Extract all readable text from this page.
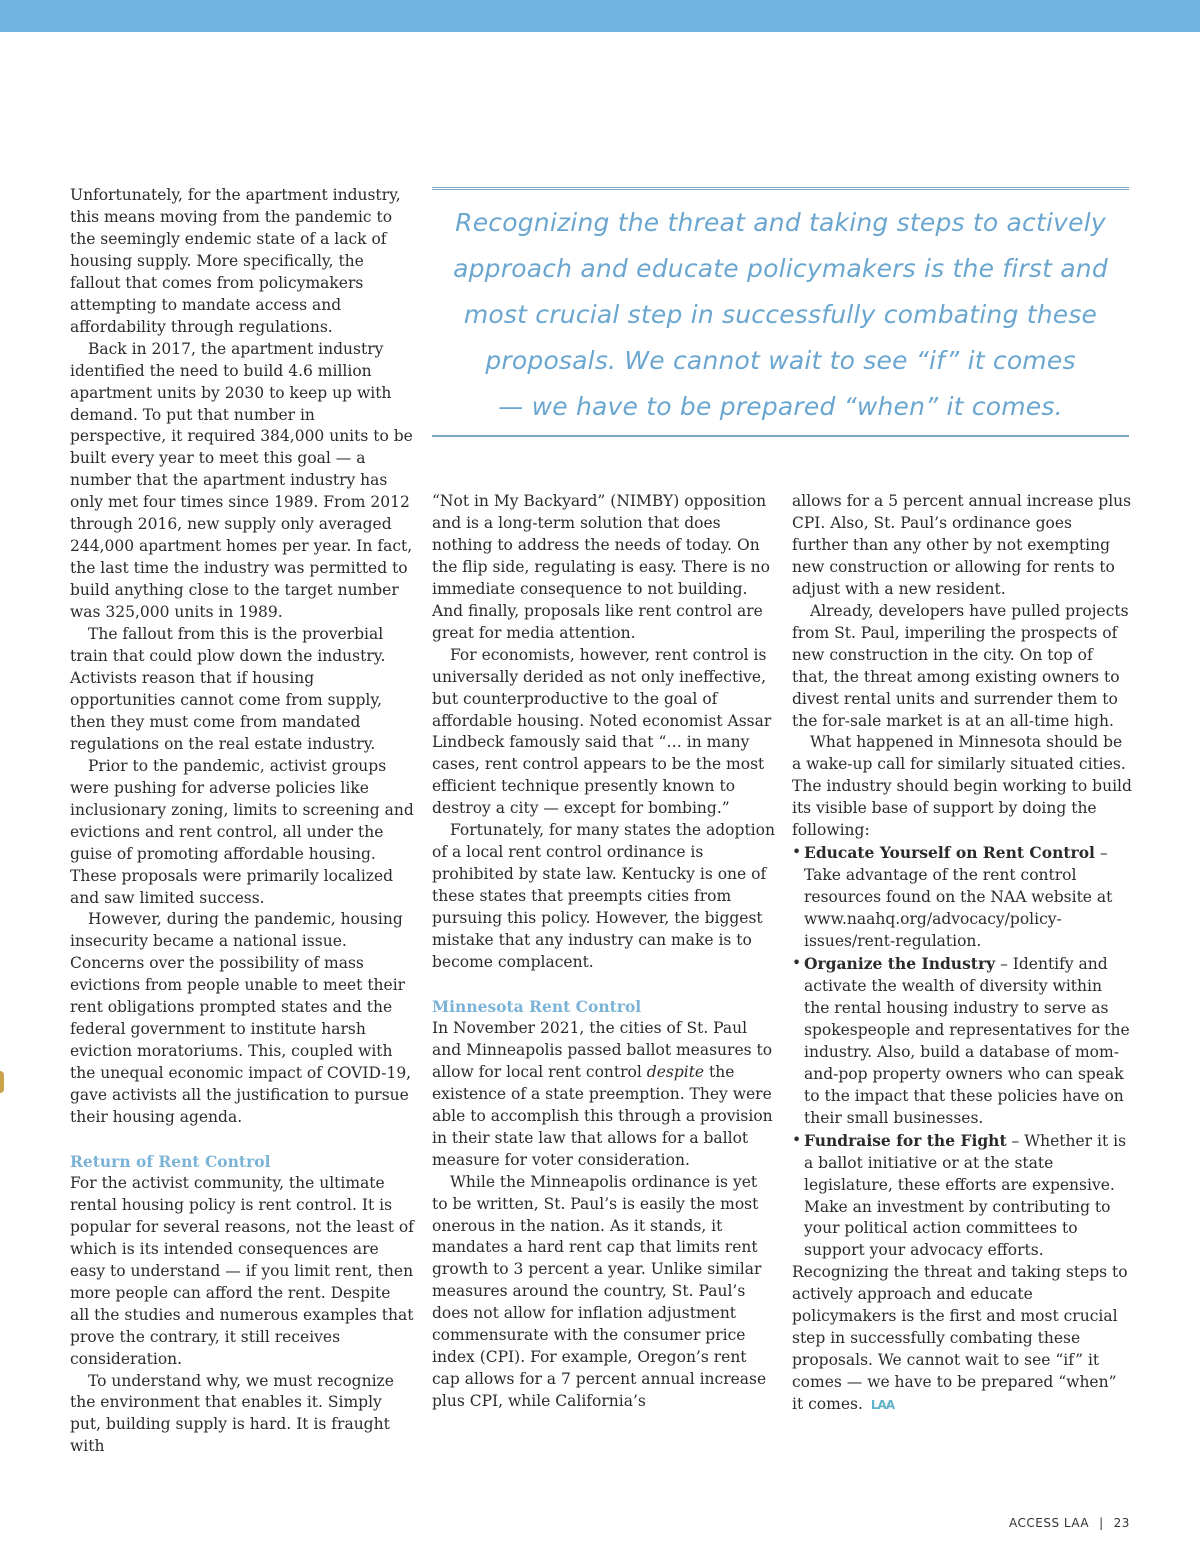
Unfortunately, for the apartment industry, this means moving from the pandemic to the seemingly endemic state of a lack of housing supply. More specifically, the fallout that comes from policymakers attempting to mandate access and affordability through regulations.

Back in 2017, the apartment industry identified the need to build 4.6 million apartment units by 2030 to keep up with demand. To put that number in perspective, it required 384,000 units to be built every year to meet this goal — a number that the apartment industry has only met four times since 1989. From 2012 through 2016, new supply only averaged 244,000 apartment homes per year. In fact, the last time the industry was permitted to build anything close to the target number was 325,000 units in 1989.

The fallout from this is the proverbial train that could plow down the industry. Activists reason that if housing opportunities cannot come from supply, then they must come from mandated regulations on the real estate industry.

Prior to the pandemic, activist groups were pushing for adverse policies like inclusionary zoning, limits to screening and evictions and rent control, all under the guise of promoting affordable housing. These proposals were primarily localized and saw limited success.

However, during the pandemic, housing insecurity became a national issue. Concerns over the possibility of mass evictions from people unable to meet their rent obligations prompted states and the federal government to institute harsh eviction moratoriums. This, coupled with the unequal economic impact of COVID-19, gave activists all the justification to pursue their housing agenda.

Return of Rent Control

For the activist community, the ultimate rental housing policy is rent control. It is popular for several reasons, not the least of which is its intended consequences are easy to understand — if you limit rent, then more people can afford the rent. Despite all the studies and numerous examples that prove the contrary, it still receives consideration.

To understand why, we must recognize the environment that enables it. Simply put, building supply is hard. It is fraught with

Recognizing the threat and taking steps to actively
approach and educate policymakers is the first and
most crucial step in successfully combating these
proposals. We cannot wait to see “if” it comes
— we have to be prepared “when” it comes.

“Not in My Backyard” (NIMBY) opposition and is a long-term solution that does nothing to address the needs of today. On the flip side, regulating is easy. There is no immediate consequence to not building. And finally, proposals like rent control are great for media attention.

For economists, however, rent control is universally derided as not only ineffective, but counterproductive to the goal of affordable housing. Noted economist Assar Lindbeck famously said that “… in many cases, rent control appears to be the most efficient technique presently known to destroy a city — except for bombing.”

Fortunately, for many states the adoption of a local rent control ordinance is prohibited by state law. Kentucky is one of these states that preempts cities from pursuing this policy. However, the biggest mistake that any industry can make is to become complacent.

Minnesota Rent Control

In November 2021, the cities of St. Paul and Minneapolis passed ballot measures to allow for local rent control despite the existence of a state preemption. They were able to accomplish this through a provision in their state law that allows for a ballot measure for voter consideration.

While the Minneapolis ordinance is yet to be written, St. Paul’s is easily the most onerous in the nation. As it stands, it mandates a hard rent cap that limits rent growth to 3 percent a year. Unlike similar measures around the country, St. Paul’s does not allow for inflation adjustment commensurate with the consumer price index (CPI). For example, Oregon’s rent cap allows for a 7 percent annual increase plus CPI, while California’s

allows for a 5 percent annual increase plus CPI. Also, St. Paul’s ordinance goes further than any other by not exempting new construction or allowing for rents to adjust with a new resident.

Already, developers have pulled projects from St. Paul, imperiling the prospects of new construction in the city. On top of that, the threat among existing owners to divest rental units and surrender them to the for-sale market is at an all-time high.

What happened in Minnesota should be a wake-up call for similarly situated cities. The industry should begin working to build its visible base of support by doing the following:

• Educate Yourself on Rent Control – Take advantage of the rent control resources found on the NAA website at www.naahq.org/advocacy/policy-issues/rent-regulation.
• Organize the Industry – Identify and activate the wealth of diversity within the rental housing industry to serve as spokespeople and representatives for the industry. Also, build a database of mom-and-pop property owners who can speak to the impact that these policies have on their small businesses.
• Fundraise for the Fight – Whether it is a ballot initiative or at the state legislature, these efforts are expensive. Make an investment by contributing to your political action committees to support your advocacy efforts.

Recognizing the threat and taking steps to actively approach and educate policymakers is the first and most crucial step in successfully combating these proposals. We cannot wait to see “if” it comes — we have to be prepared “when” it comes. LAA

ACCESS LAA | 23
